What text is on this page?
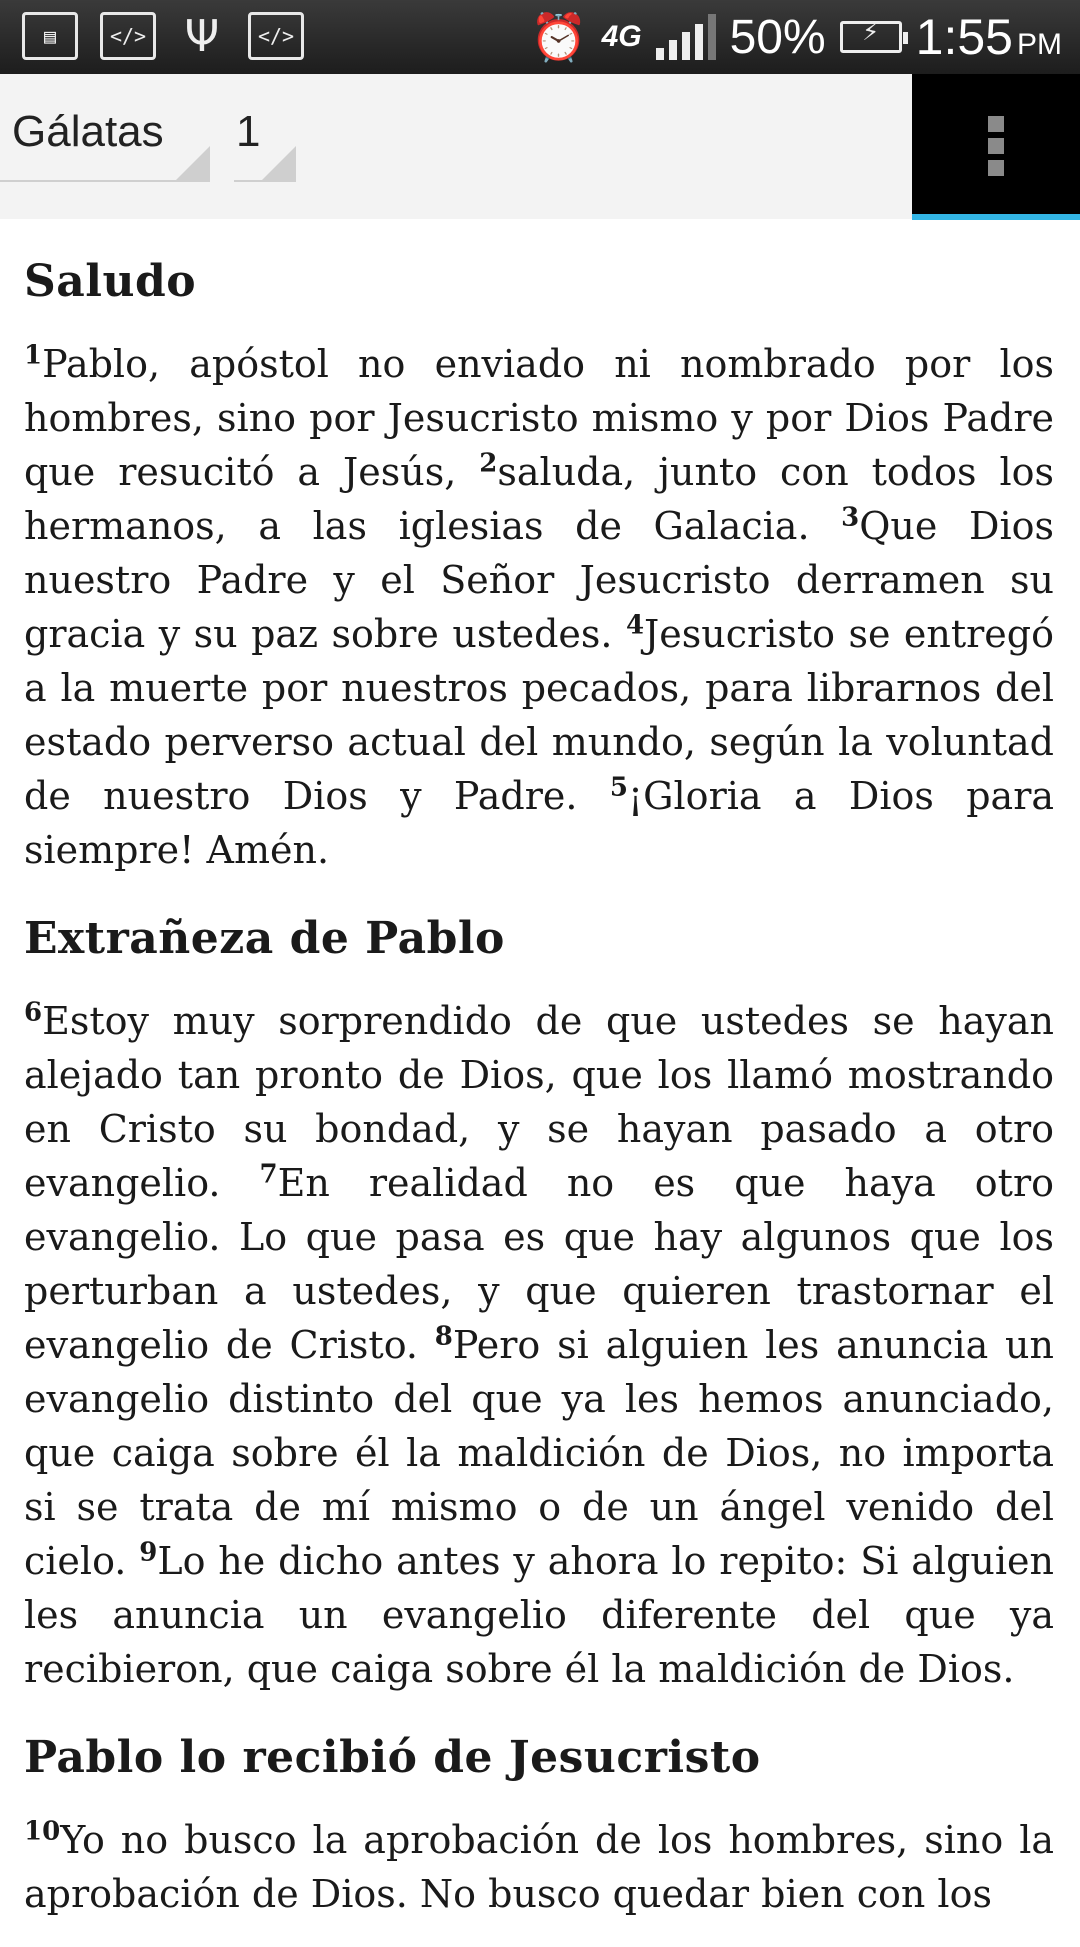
▤	</> Ψ	</>	⏰ 4G 50%	⚡ 1:55 PM
Gálatas	1
Saludo

$^1$Pablo, apóstol no enviado ni nombrado por los hombres, sino por Jesucristo mismo y por Dios Padre que resucitó a Jesús, $^2$saluda, junto con todos los hermanos, a las iglesias de Galacia. $^3$Que Dios nuestro Padre y el Señor Jesucristo derramen su gracia y su paz sobre ustedes. $^4$Jesucristo se entregó a la muerte por nuestros pecados, para librarnos del estado perverso actual del mundo, según la voluntad de nuestro Dios y Padre. $^5$¡Gloria a Dios para siempre! Amén.

Extrañeza de Pablo

$^6$Estoy muy sorprendido de que ustedes se hayan alejado tan pronto de Dios, que los llamó mostrando en Cristo su bondad, y se hayan pasado a otro evangelio. $^7$En realidad no es que haya otro evangelio. Lo que pasa es que hay algunos que los perturban a ustedes, y que quieren trastornar el evangelio de Cristo. $^8$Pero si alguien les anuncia un evangelio distinto del que ya les hemos anunciado, que caiga sobre él la maldición de Dios, no importa si se trata de mí mismo o de un ángel venido del cielo. $^9$Lo he dicho antes y ahora lo repito: Si alguien les anuncia un evangelio diferente del que ya recibieron, que caiga sobre él la maldición de Dios.

Pablo lo recibió de Jesucristo

$^{10}$Yo no busco la aprobación de los hombres, sino la aprobación de Dios. No busco quedar bien con los
